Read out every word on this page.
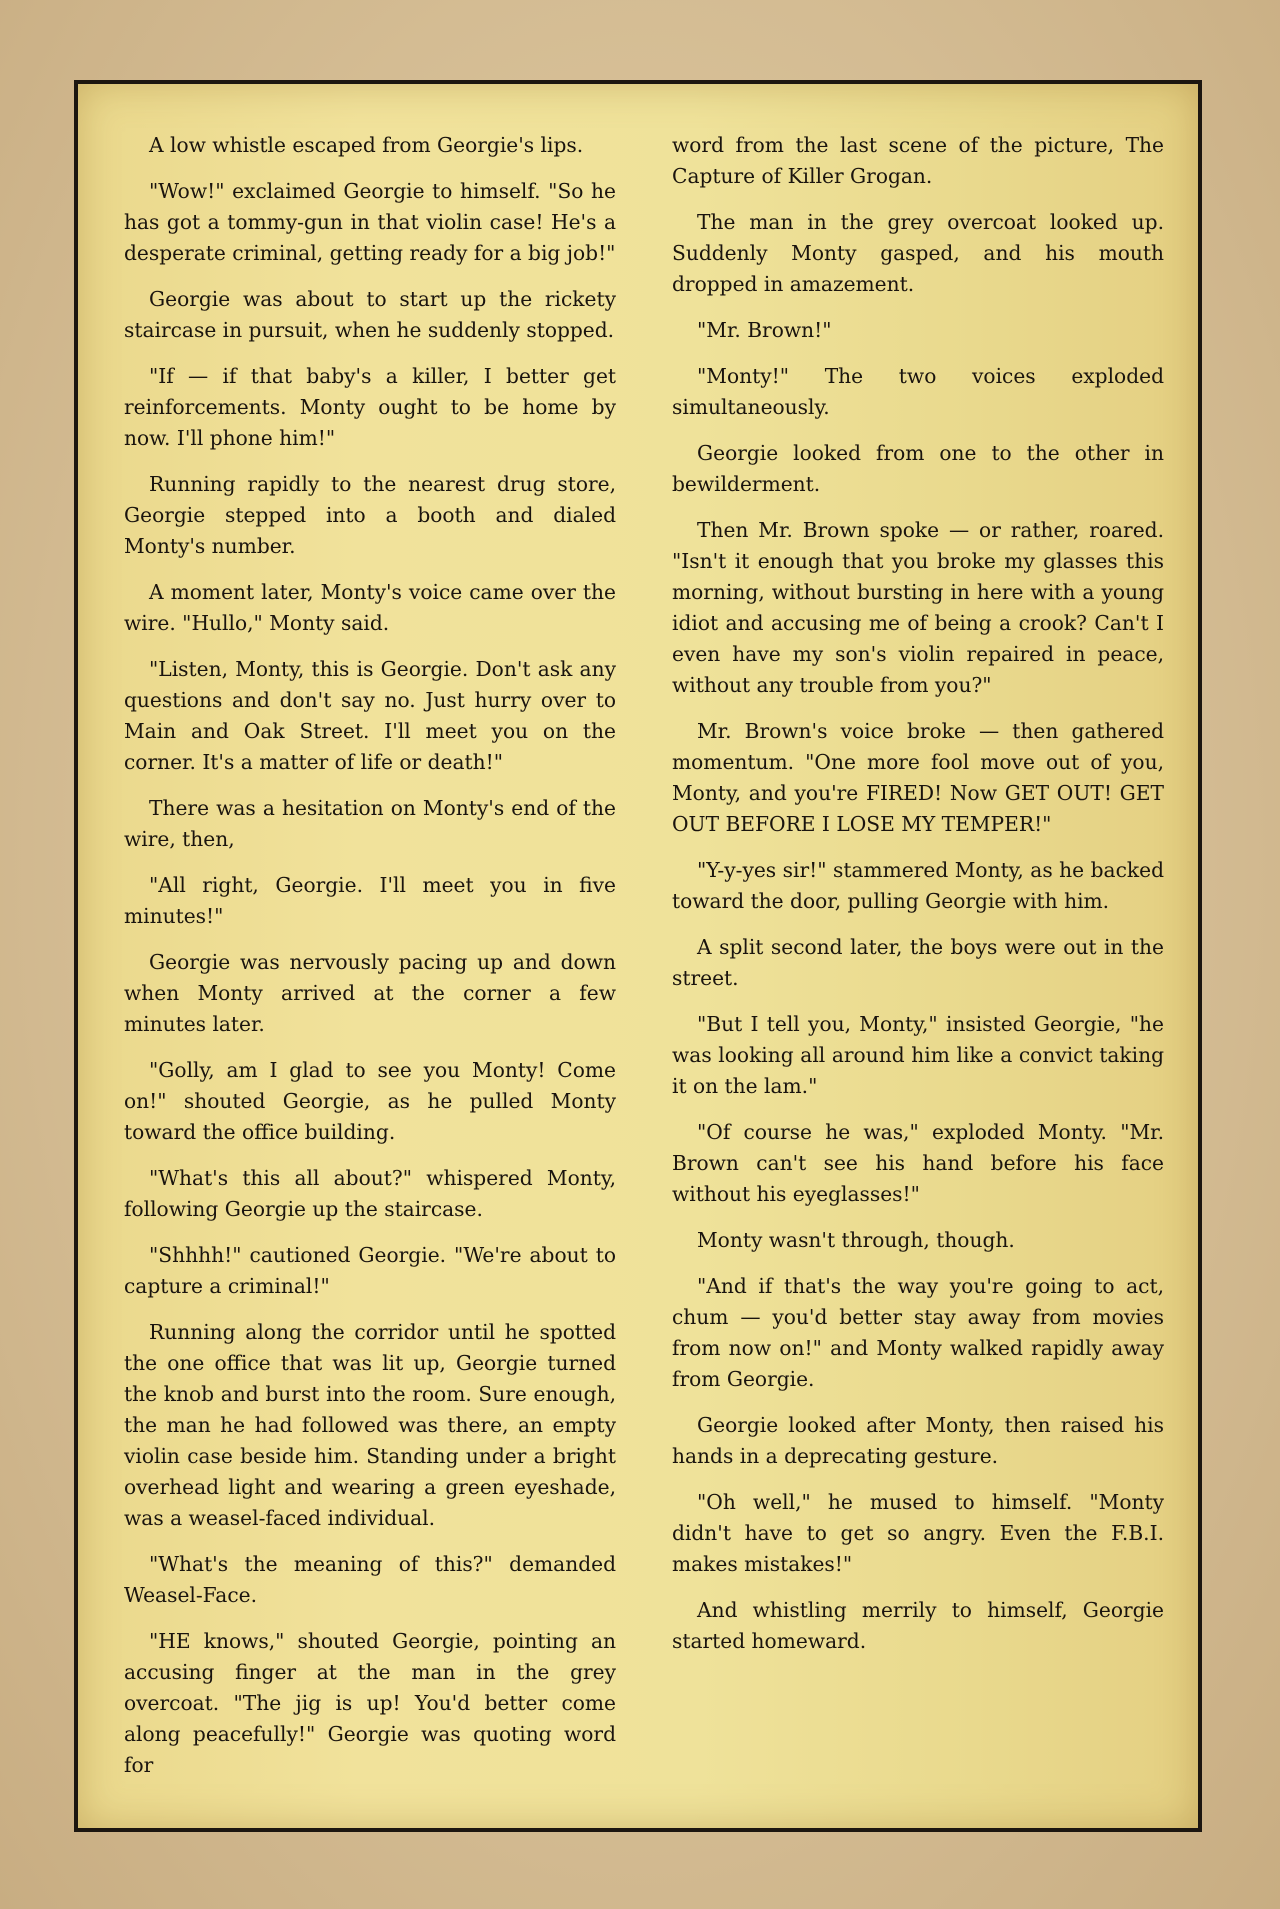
A low whistle escaped from Georgie's lips.

"Wow!" exclaimed Georgie to himself. "So he has got a tommy-gun in that violin case! He's a desperate criminal, getting ready for a big job!"

Georgie was about to start up the rickety staircase in pursuit, when he suddenly stopped.

"If — if that baby's a killer, I better get reinforcements. Monty ought to be home by now. I'll phone him!"

Running rapidly to the nearest drug store, Georgie stepped into a booth and dialed Monty's number.

A moment later, Monty's voice came over the wire. "Hullo," Monty said.

"Listen, Monty, this is Georgie. Don't ask any questions and don't say no. Just hurry over to Main and Oak Street. I'll meet you on the corner. It's a matter of life or death!"

There was a hesitation on Monty's end of the wire, then,

"All right, Georgie. I'll meet you in five minutes!"

Georgie was nervously pacing up and down when Monty arrived at the corner a few minutes later.

"Golly, am I glad to see you Monty! Come on!" shouted Georgie, as he pulled Monty toward the office building.

"What's this all about?" whispered Monty, following Georgie up the staircase.

"Shhhh!" cautioned Georgie. "We're about to capture a criminal!"

Running along the corridor until he spotted the one office that was lit up, Georgie turned the knob and burst into the room. Sure enough, the man he had followed was there, an empty violin case beside him. Standing under a bright overhead light and wearing a green eyeshade, was a weasel-faced individual.

"What's the meaning of this?" demanded Weasel-Face.

"HE knows," shouted Georgie, pointing an accusing finger at the man in the grey overcoat. "The jig is up! You'd better come along peacefully!" Georgie was quoting word for

word from the last scene of the picture, The Capture of Killer Grogan.

The man in the grey overcoat looked up. Suddenly Monty gasped, and his mouth dropped in amazement.

"Mr. Brown!"

"Monty!" The two voices exploded simultaneously.

Georgie looked from one to the other in bewilderment.

Then Mr. Brown spoke — or rather, roared. "Isn't it enough that you broke my glasses this morning, without bursting in here with a young idiot and accusing me of being a crook? Can't I even have my son's violin repaired in peace, without any trouble from you?"

Mr. Brown's voice broke — then gathered momentum. "One more fool move out of you, Monty, and you're FIRED! Now GET OUT! GET OUT BEFORE I LOSE MY TEMPER!"

"Y-y-yes sir!" stammered Monty, as he backed toward the door, pulling Georgie with him.

A split second later, the boys were out in the street.

"But I tell you, Monty," insisted Georgie, "he was looking all around him like a convict taking it on the lam."

"Of course he was," exploded Monty. "Mr. Brown can't see his hand before his face without his eyeglasses!"

Monty wasn't through, though.

"And if that's the way you're going to act, chum — you'd better stay away from movies from now on!" and Monty walked rapidly away from Georgie.

Georgie looked after Monty, then raised his hands in a deprecating gesture.

"Oh well," he mused to himself. "Monty didn't have to get so angry. Even the F.B.I. makes mistakes!"

And whistling merrily to himself, Georgie started homeward.
